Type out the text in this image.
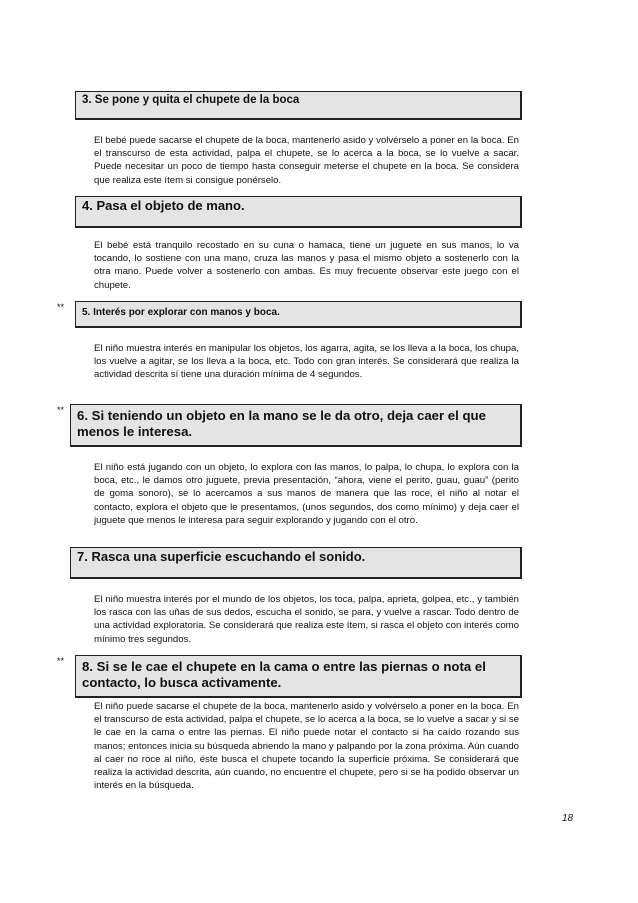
3. Se pone y quita el chupete de la boca

El bebé puede sacarse el chupete de la boca, mantenerlo asido y volvérselo a poner en la boca. En el transcurso de esta actividad, palpa el chupete, se lo acerca a la boca, se lo vuelve a sacar. Puede necesitar un poco de tiempo hasta conseguir meterse el chupete en la boca. Se considera que realiza este ítem si consigue ponérselo.

4. Pasa el objeto de mano.

El bebé está tranquilo recostado en su cuna o hamaca, tiene un juguete en sus manos, lo va tocando, lo sostiene con una mano, cruza las manos y pasa el mismo objeto a sostenerlo con la otra mano. Puede volver a sostenerlo con ambas. Es muy frecuente observar este juego con el chupete.

**	5. Interés por explorar con manos y boca.

El niño muestra interés en manipular los objetos, los agarra, agita, se los lleva a la boca, los chupa, los vuelve a agitar, se los lleva a la boca, etc. Todo con gran interés. Se considerará que realiza la actividad descrita sí tiene una duración mínima de 4 segundos.

** 6. Si teniendo un objeto en la mano se le da otro, deja caer el que menos le interesa.

El niño está jugando con un objeto, lo explora con las manos, lo palpa, lo chupa, lo explora con la boca, etc., le damos otro juguete, previa presentación, “ahora, viene el perito, guau, guau” (perito de goma sonoro), se lo acercamos a sus manos de manera que las roce, el niño al notar el contacto, explora el objeto que le presentamos, (unos segundos, dos como mínimo) y deja caer el juguete que menos le interesa para seguir explorando y jugando con el otro.

7. Rasca una superficie escuchando el sonido.

El niño muestra interés por el mundo de los objetos, los toca, palpa, aprieta, golpea, etc., y también los rasca con las uñas de sus dedos, escucha el sonido, se para, y vuelve a rascar. Todo dentro de una actividad exploratoria. Se considerará que realiza este ítem, si rasca el objeto con interés como mínimo tres segundos.

**	8. Si se le cae el chupete en la cama o entre las piernas o nota el contacto, lo busca activamente.

El niño puede sacarse el chupete de la boca, mantenerlo asido y volvérselo a poner en la boca. En el transcurso de esta actividad, palpa el chupete, se lo acerca a la boca, se lo vuelve a sacar y si se le cae en la cama o entre las piernas. El niño puede notar el contacto si ha caído rozando sus manos; entonces inicia su búsqueda abriendo la mano y palpando por la zona próxima. Aún cuando al caer no roce al niño, éste busca el chupete tocando la superficie próxima. Se considerará que realiza la actividad descrita, aún cuando, no encuentre el chupete, pero si se ha podido observar un interés en la búsqueda.

18
